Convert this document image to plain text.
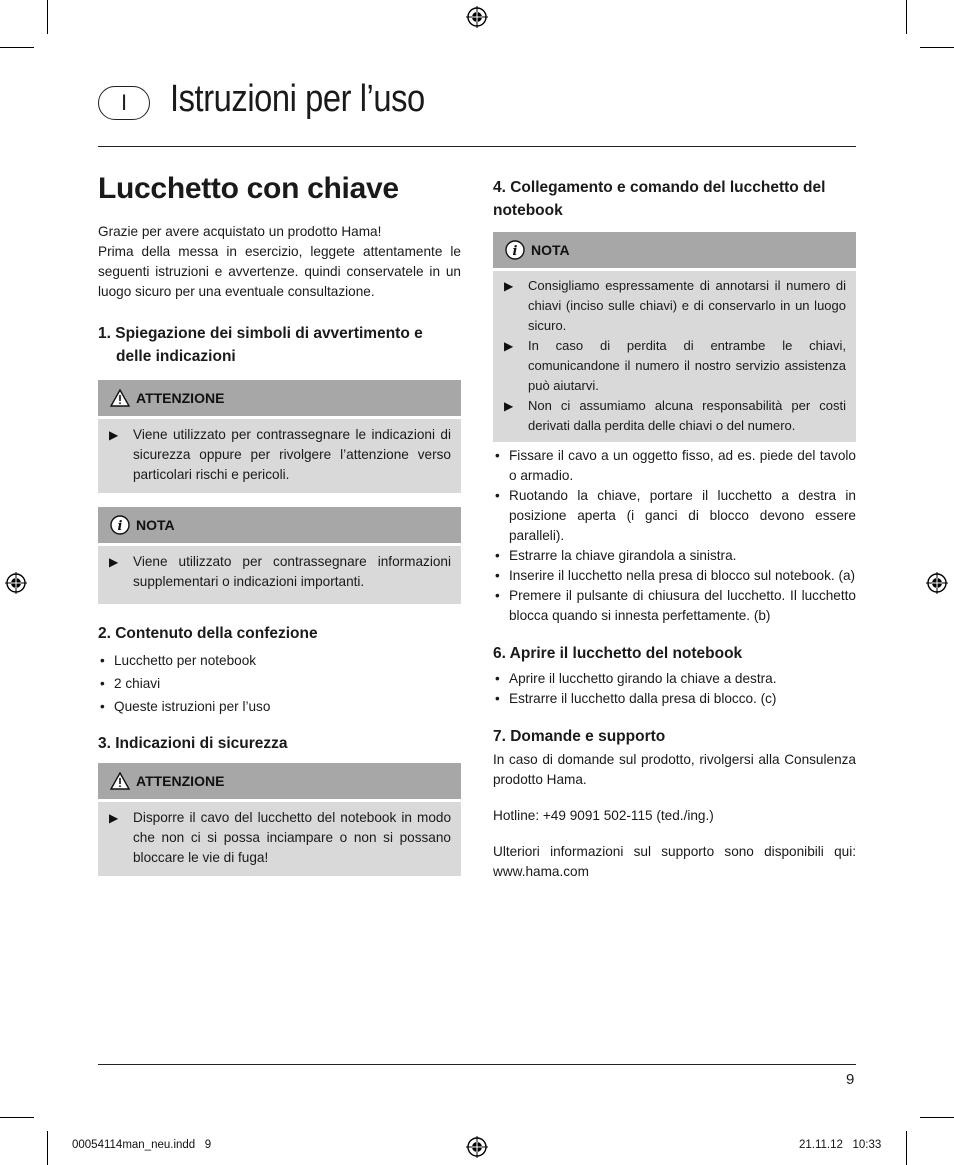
I Istruzioni per l’uso
Lucchetto con chiave

Grazie per avere acquistato un prodotto Hama!

Prima della messa in esercizio, leggete attentamente le seguenti istruzioni e avvertenze. quindi conservatele in un luogo sicuro per una eventuale consultazione.

1. Spiegazione dei simboli di avvertimento e delle indicazioni
ATTENZIONE
▶	Viene utilizzato per contrassegnare le indicazioni di sicurezza oppure per rivolgere l’attenzione verso particolari rischi e pericoli.
i NOTA
▶	Viene utilizzato per contrassegnare informazioni supplementari o indicazioni importanti.
2. Contenuto della confezione
• Lucchetto per notebook
• 2 chiavi
• Queste istruzioni per l’uso
3. Indicazioni di sicurezza
ATTENZIONE
▶	Disporre il cavo del lucchetto del notebook in modo che non ci si possa inciampare o non si possano bloccare le vie di fuga!
4. Collegamento e comando del lucchetto del notebook
i NOTA
▶	Consigliamo espressamente di annotarsi il numero di chiavi (inciso sulle chiavi) e di conservarlo in un luogo sicuro.
▶	In caso di perdita di entrambe le chiavi, comunicandone il numero il nostro servizio assistenza può aiutarvi.
▶	Non ci assumiamo alcuna responsabilità per costi derivati dalla perdita delle chiavi o del numero.
• Fissare il cavo a un oggetto fisso, ad es. piede del tavolo o armadio.
• Ruotando la chiave, portare il lucchetto a destra in posizione aperta (i ganci di blocco devono essere paralleli).
• Estrarre la chiave girandola a sinistra.
• Inserire il lucchetto nella presa di blocco sul notebook. (a)
• Premere il pulsante di chiusura del lucchetto. Il lucchetto blocca quando si innesta perfettamente. (b)
6. Aprire il lucchetto del notebook
• Aprire il lucchetto girando la chiave a destra.
• Estrarre il lucchetto dalla presa di blocco. (c)
7. Domande e supporto

In caso di domande sul prodotto, rivolgersi alla Consulenza prodotto Hama.

Hotline: +49 9091 502-115 (ted./ing.)

Ulteriori informazioni sul supporto sono disponibili qui: www.hama.com

9
00054114man_neu.indd   9	21.11.12   10:33
